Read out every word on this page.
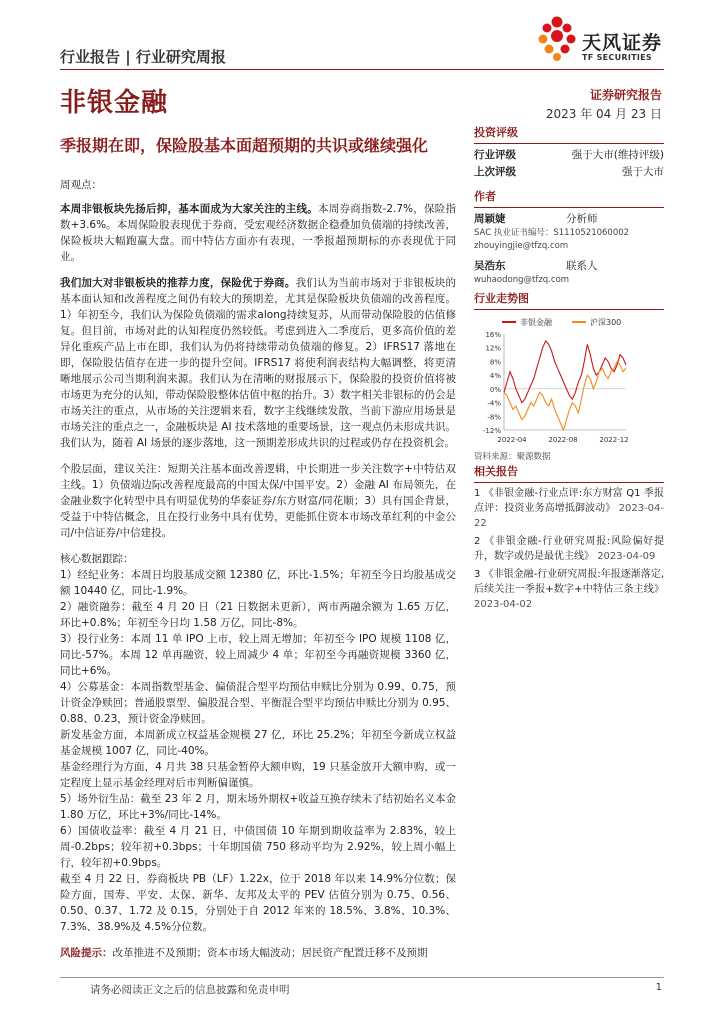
天风证券
TF SECURITIES
行业报告 | 行业研究周报
非银金融	证券研究报告
2023 年 04 月 23 日
季报期在即，保险股基本面超预期的共识或继续强化

周观点：

本周非银板块先扬后抑，基本面成为大家关注的主线。本周券商指数-2.7%，保险指数+3.6%。本周保险股表现优于券商，受宏观经济数据企稳叠加负债端的持续改善，保险板块大幅跑赢大盘。而中特估方面亦有表现，一季报超预期标的亦表现优于同业。

我们加大对非银板块的推荐力度，保险优于券商。我们认为当前市场对于非银板块的基本面认知和改善程度之间仍有较大的预期差，尤其是保险板块负债端的改善程度。1）年初至今，我们认为保险负债端的需求along持续复苏，从而带动保险股的估值修复。但目前，市场对此的认知程度仍然较低。考虑到进入二季度后，更多高价值的差异化重疾产品上市在即，我们认为仍将持续带动负债端的修复。2）IFRS17 落地在即，保险股估值存在进一步的提升空间。IFRS17 将使利润表结构大幅调整，将更清晰地展示公司当期利润来源。我们认为在清晰的财报展示下，保险股的投资价值将被市场更为充分的认知，带动保险股整体估值中枢的抬升。3）数字相关非银标的仍会是市场关注的重点，从市场的关注逻辑来看，数字主线继续发散，当前下游应用场景是市场关注的重点之一，金融板块是 AI 技术落地的重要场景，这一观点仍未形成共识。我们认为，随着 AI 场景的逐步落地，这一预期差形成共识的过程或仍存在投资机会。

个股层面，建议关注：短期关注基本面改善逻辑，中长期进一步关注数字+中特估双主线。1）负债端边际改善程度最高的中国太保/中国平安。2）金融 AI 布局领先，在金融业数字化转型中具有明显优势的华泰证券/东方财富/同花顺；3）具有国企背景，受益于中特估概念，且在投行业务中具有优势，更能抓住资本市场改革红利的中金公司/中信证券/中信建投。

核心数据跟踪：

1）经纪业务：本周日均股基成交额 12380 亿，环比-1.5%；年初至今日均股基成交额 10440 亿，同比-1.9%。

2）融资融券：截至 4 月 20 日（21 日数据未更新），两市两融余额为 1.65 万亿，环比+0.8%；年初至今日均 1.58 万亿，同比-8%。

3）投行业务：本周 11 单 IPO 上市，较上周无增加；年初至今 IPO 规模 1108 亿，同比-57%。本周 12 单再融资，较上周减少 4 单；年初至今再融资规模 3360 亿，同比+6%。

4）公募基金：本周指数型基金、偏债混合型平均预估申赎比分别为 0.99、0.75，预计资金净赎回；普通股票型、偏股混合型、平衡混合型平均预估申赎比分别为 0.95、0.88、0.23，预计资金净赎回。

新发基金方面，本周新成立权益基金规模 27 亿，环比 25.2%；年初至今新成立权益基金规模 1007 亿，同比-40%。

基金经理行为方面，4 月共 38 只基金暂停大额申购，19 只基金放开大额申购，或一定程度上显示基金经理对后市判断偏谨慎。

5）场外衍生品：截至 23 年 2 月，期末场外期权+收益互换存续未了结初始名义本金 1.80 万亿，环比+3%/同比-14%。

6）国债收益率：截至 4 月 21 日，中债国债 10 年期到期收益率为 2.83%，较上周-0.2bps；较年初+0.3bps；十年期国债 750 移动平均为 2.92%，较上周小幅上行，较年初+0.9bps。

截至 4 月 22 日，券商板块 PB（LF）1.22x，位于 2018 年以来 14.9%分位数；保险方面，国寿、平安、太保、新华、友邦及太平的 PEV 估值分别为 0.75、0.56、0.50、0.37、1.72 及 0.15，分别处于自 2012 年来的 18.5%、3.8%、10.3%、7.3%、38.9%及 4.5%分位数。

风险提示：改革推进不及预期；资本市场大幅波动；居民资产配置迁移不及预期

投资评级
行业评级	强于大市(维持评级)
上次评级	强于大市
作者
周颖婕	分析师
SAC 执业证书编号：S1110521060002
zhouyingjie@tfzq.com
吴浩东	联系人
wuhaodong@tfzq.com
行业走势图
非银金融	沪深300
16%
12%
8%
4%
0%
-4%
-8%
-12%
2022-04	2022-08	2022-12
资料来源：聚源数据
相关报告
1 《非银金融-行业点评:东方财富 Q1 季报点评：投资业务高增抵御波动》 2023-04-22
2 《非银金融-行业研究周报:风险偏好提升，数字或仍是最优主线》 2023-04-09
3 《非银金融-行业研究周报:年报逐渐落定,后续关注一季报+数字+中特估三条主线》 2023-04-02
请务必阅读正文之后的信息披露和免责申明	1
